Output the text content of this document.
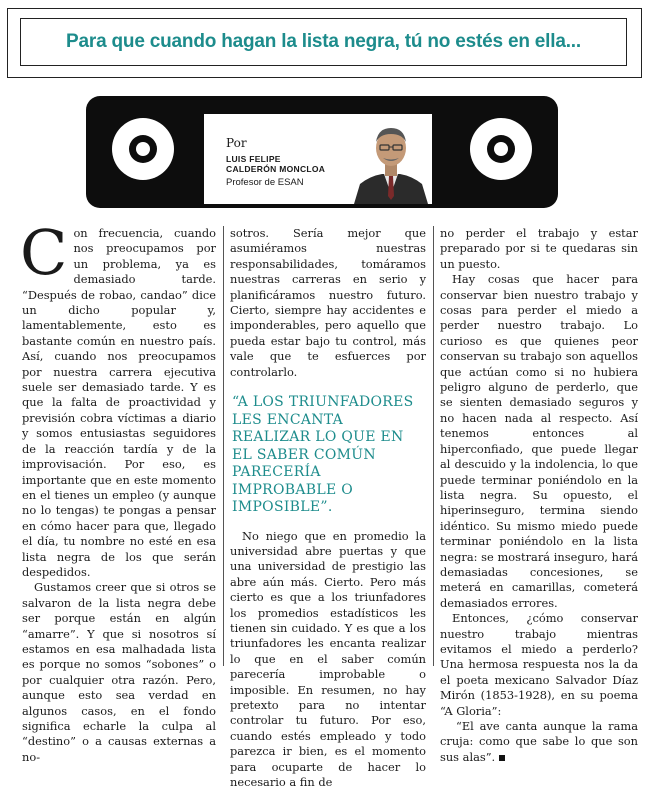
Para que cuando hagan la lista negra, tú no estés en ella...
Por
LUIS FELIPE
CALDERÓN MONCLOA
Profesor de ESAN

Con frecuencia, cuando nos preocupamos por un problema, ya es demasiado tarde. “Después de robao, candao” dice un dicho popular y, lamentablemente, esto es bastante común en nuestro país. Así, cuando nos preocupamos por nuestra carrera ejecutiva suele ser demasiado tarde. Y es que la falta de proactividad y previsión cobra víctimas a diario y somos entusiastas seguidores de la reacción tardía y de la improvisación. Por eso, es importante que en este momento en el tienes un empleo (y aunque no lo tengas) te pongas a pensar en cómo hacer para que, llegado el día, tu nombre no esté en esa lista negra de los que serán despedidos.

Gustamos creer que si otros se salvaron de la lista negra debe ser porque están en algún “amarre”. Y que si nosotros sí estamos en esa malhadada lista es porque no somos “sobones” o por cualquier otra razón. Pero, aunque esto sea verdad en algunos casos, en el fondo significa echarle la culpa al “destino” o a causas externas a no-

sotros. Sería mejor que asumiéramos nuestras responsabilidades, tomáramos nuestras carreras en serio y planificáramos nuestro futuro. Cierto, siempre hay accidentes e imponderables, pero aquello que pueda estar bajo tu control, más vale que te esfuerces por controlarlo.

“A LOS TRIUNFADORES LES ENCANTA REALIZAR LO QUE EN EL SABER COMÚN PARECERÍA IMPROBABLE O IMPOSIBLE”.

No niego que en promedio la universidad abre puertas y que una universidad de prestigio las abre aún más. Cierto. Pero más cierto es que a los triunfadores los promedios estadísticos les tienen sin cuidado. Y es que a los triunfadores les encanta realizar lo que en el saber común parecería improbable o imposible. En resumen, no hay pretexto para no intentar controlar tu futuro. Por eso, cuando estés empleado y todo parezca ir bien, es el momento para ocuparte de hacer lo necesario a fin de

no perder el trabajo y estar preparado por si te quedaras sin un puesto.

Hay cosas que hacer para conservar bien nuestro trabajo y cosas para perder el miedo a perder nuestro trabajo. Lo curioso es que quienes peor conservan su trabajo son aquellos que actúan como si no hubiera peligro alguno de perderlo, que se sienten demasiado seguros y no hacen nada al respecto. Así tenemos entonces al hiperconfiado, que puede llegar al descuido y la indolencia, lo que puede terminar poniéndolo en la lista negra. Su opuesto, el hiperinseguro, termina siendo idéntico. Su mismo miedo puede terminar poniéndolo en la lista negra: se mostrará inseguro, hará demasiadas concesiones, se meterá en camarillas, cometerá demasiados errores.

Entonces, ¿cómo conservar nuestro trabajo mientras evitamos el miedo a perderlo? Una hermosa respuesta nos la da el poeta mexicano Salvador Díaz Mirón (1853-1928), en su poema “A Gloria”:

“El ave canta aunque la rama cruja: como que sabe lo que son sus alas”.
